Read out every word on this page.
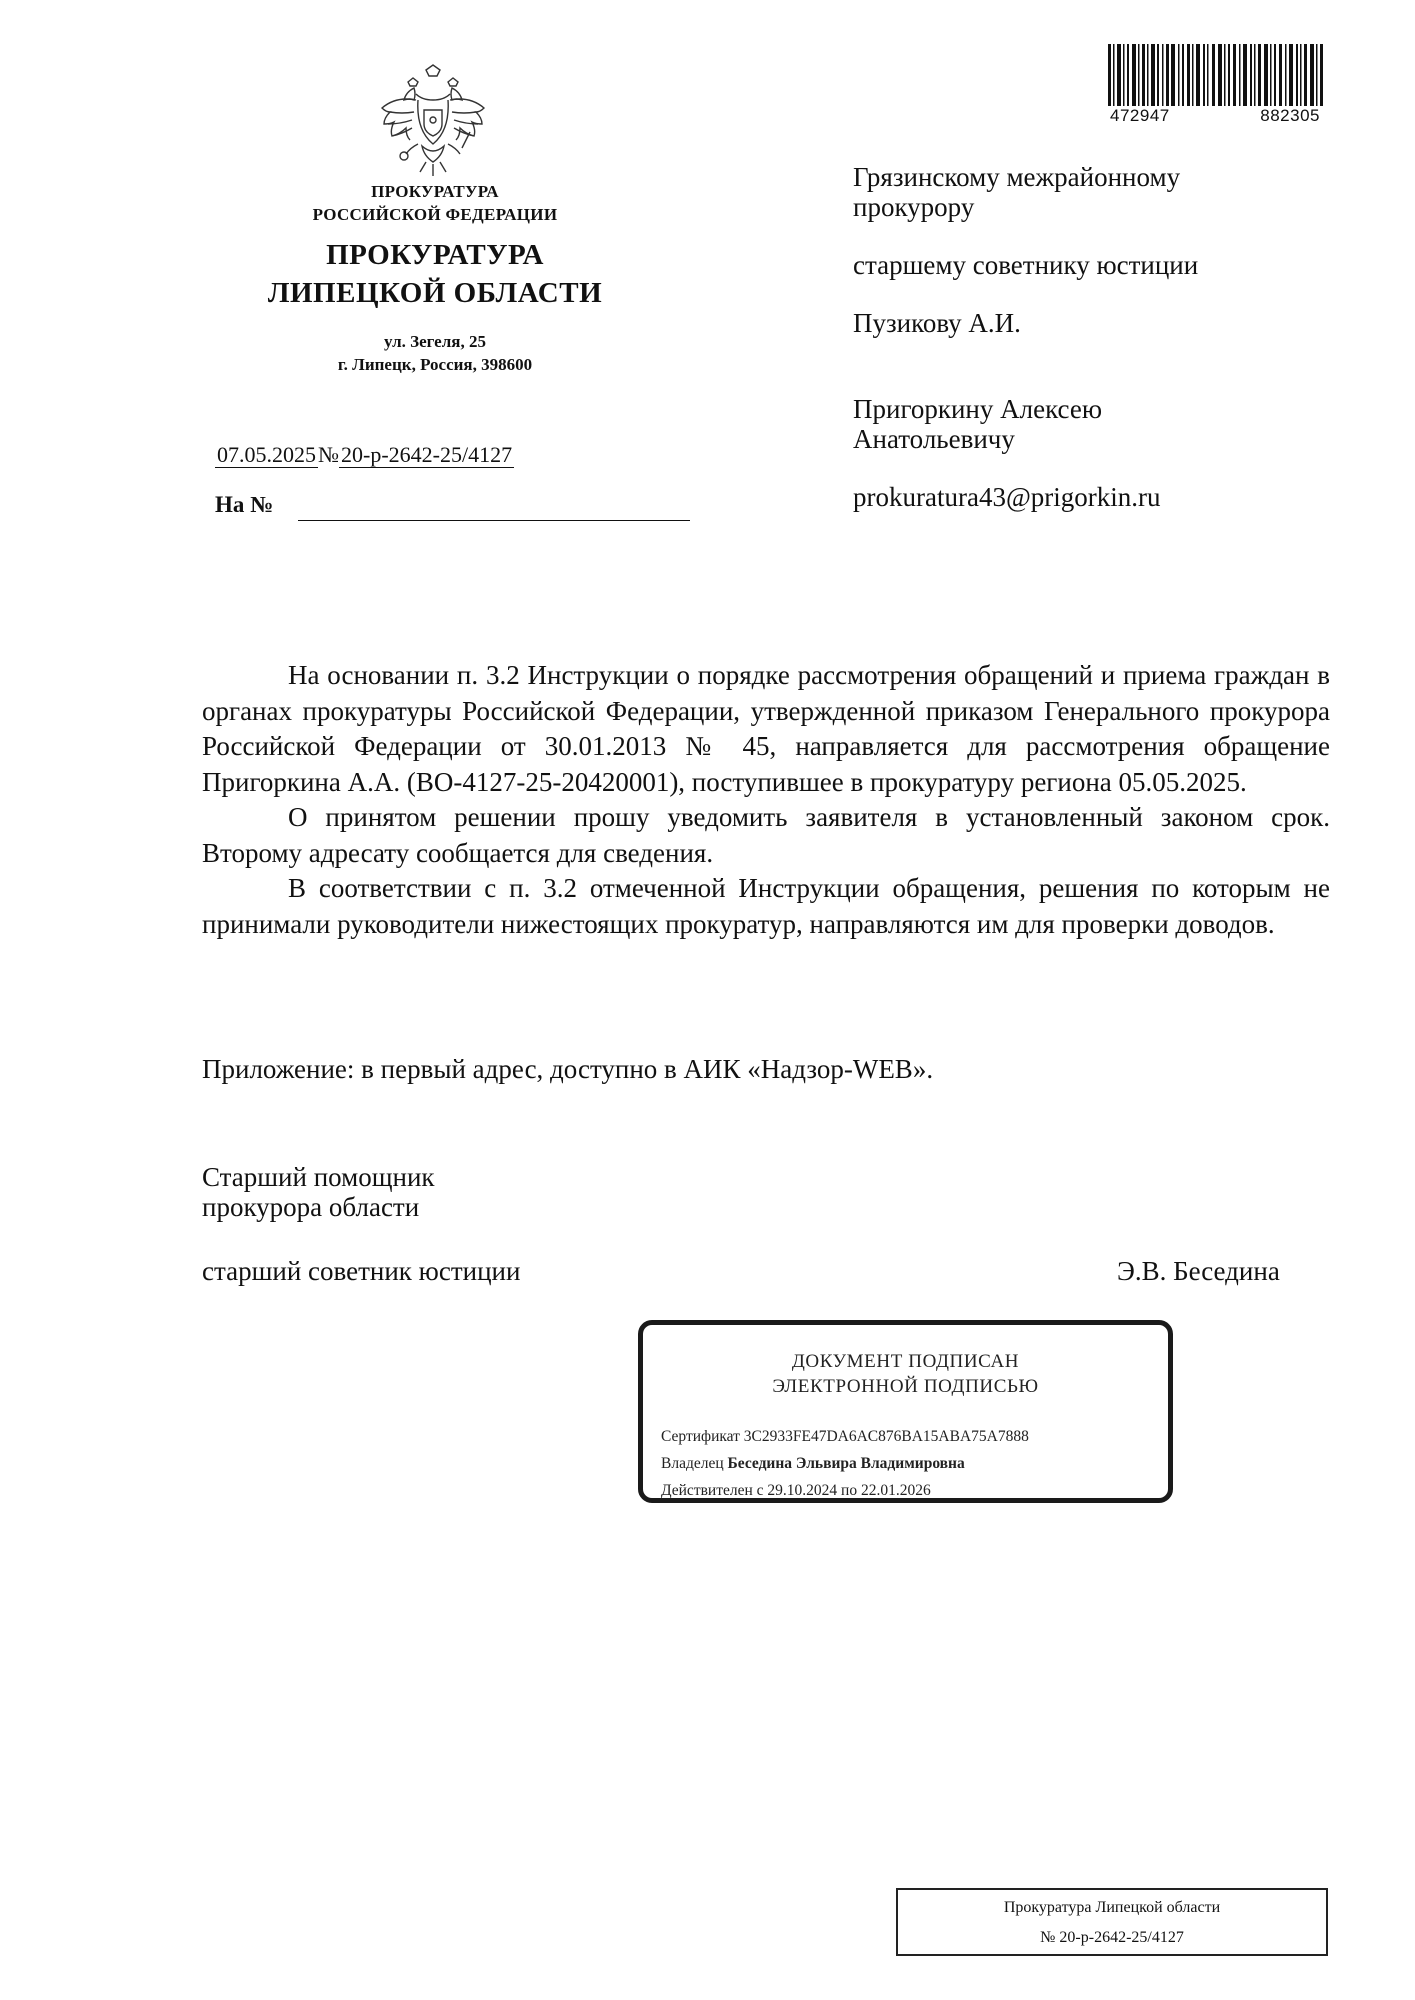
ПРОКУРАТУРА
РОССИЙСКОЙ ФЕДЕРАЦИИ
ПРОКУРАТУРА
ЛИПЕЦКОЙ ОБЛАСТИ
ул. Зегеля, 25
г. Липецк, Россия, 398600
07.05.2025№20-р-2642-25/4127
На №
472947	882305

Грязинскому межрайонному

прокурору

старшему советнику юстиции

Пузикову А.И.

Пригоркину Алексею

Анатольевичу

prokuratura43@prigorkin.ru

На основании п. 3.2 Инструкции о порядке рассмотрения обращений и приема граждан в органах прокуратуры Российской Федерации, утвержденной приказом Генерального прокурора Российской Федерации от 30.01.2013 № 45, направляется для рассмотрения обращение Пригоркина А.А. (ВО-4127-25-20420001), поступившее в прокуратуру региона 05.05.2025.

О принятом решении прошу уведомить заявителя в установленный законом срок. Второму адресату сообщается для сведения.

В соответствии с п. 3.2 отмеченной Инструкции обращения, решения по которым не принимали руководители нижестоящих прокуратур, направляются им для проверки доводов.

Приложение: в первый адрес, доступно в АИК «Надзор-WEB».
Старший помощник
прокурора области
старший советник юстиции	Э.В. Беседина
ДОКУМЕНТ ПОДПИСАН
ЭЛЕКТРОННОЙ ПОДПИСЬЮ
Сертификат 3C2933FE47DA6AC876BA15ABA75A7888
Владелец Беседина Эльвира Владимировна
Действителен с 29.10.2024 по 22.01.2026
Прокуратура Липецкой области
№ 20-р-2642-25/4127
